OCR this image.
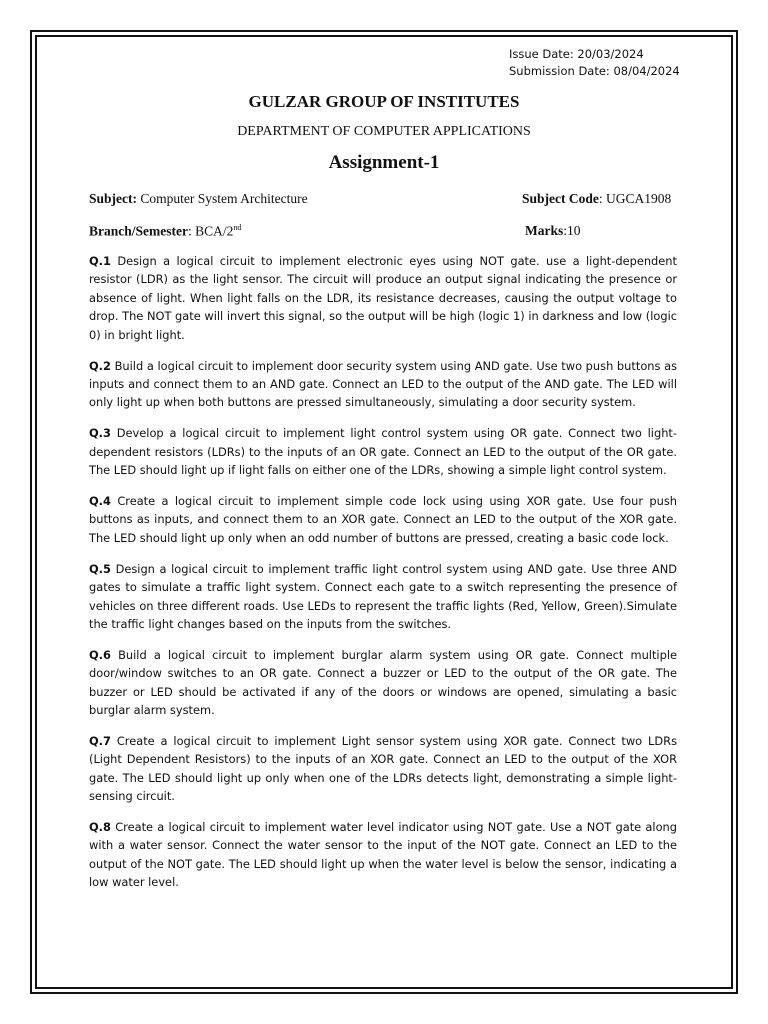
Issue Date: 20/03/2024
Submission Date: 08/04/2024
GULZAR GROUP OF INSTITUTES
DEPARTMENT OF COMPUTER APPLICATIONS
Assignment-1
Subject: Computer System Architecture	Subject Code: UGCA1908
Branch/Semester: BCA/2nd	Marks:10

Q.1 Design a logical circuit to implement electronic eyes using NOT gate. use a light-dependent resistor (LDR) as the light sensor. The circuit will produce an output signal indicating the presence or absence of light. When light falls on the LDR, its resistance decreases, causing the output voltage to drop. The NOT gate will invert this signal, so the output will be high (logic 1) in darkness and low (logic 0) in bright light.

Q.2 Build a logical circuit to implement door security system using AND gate. Use two push buttons as inputs and connect them to an AND gate. Connect an LED to the output of the AND gate. The LED will only light up when both buttons are pressed simultaneously, simulating a door security system.

Q.3 Develop a logical circuit to implement light control system using OR gate. Connect two light-dependent resistors (LDRs) to the inputs of an OR gate. Connect an LED to the output of the OR gate. The LED should light up if light falls on either one of the LDRs, showing a simple light control system.

Q.4 Create a logical circuit to implement simple code lock using using XOR gate. Use four push buttons as inputs, and connect them to an XOR gate. Connect an LED to the output of the XOR gate. The LED should light up only when an odd number of buttons are pressed, creating a basic code lock.

Q.5 Design a logical circuit to implement traffic light control system using AND gate. Use three AND gates to simulate a traffic light system. Connect each gate to a switch representing the presence of vehicles on three different roads. Use LEDs to represent the traffic lights (Red, Yellow, Green).Simulate the traffic light changes based on the inputs from the switches.

Q.6 Build a logical circuit to implement burglar alarm system using OR gate. Connect multiple door/window switches to an OR gate. Connect a buzzer or LED to the output of the OR gate. The buzzer or LED should be activated if any of the doors or windows are opened, simulating a basic burglar alarm system.

Q.7 Create a logical circuit to implement Light sensor system using XOR gate. Connect two LDRs (Light Dependent Resistors) to the inputs of an XOR gate. Connect an LED to the output of the XOR gate. The LED should light up only when one of the LDRs detects light, demonstrating a simple light-sensing circuit.

Q.8 Create a logical circuit to implement water level indicator using NOT gate. Use a NOT gate along with a water sensor. Connect the water sensor to the input of the NOT gate. Connect an LED to the output of the NOT gate. The LED should light up when the water level is below the sensor, indicating a low water level.
